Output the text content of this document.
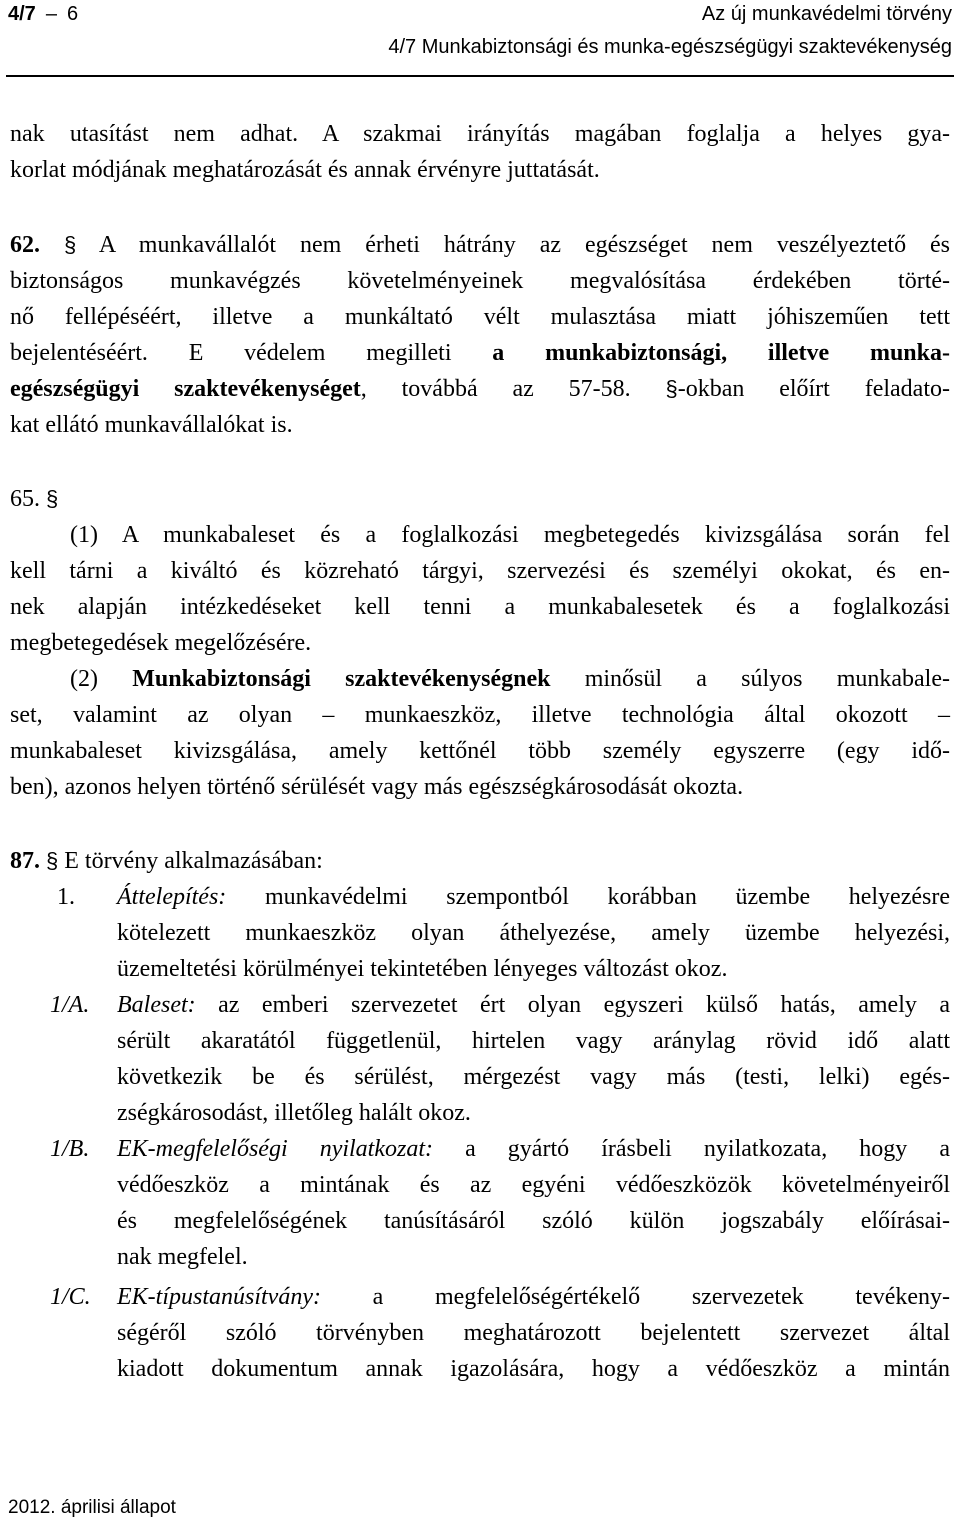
4/7 – 6	Az új munkavédelmi törvény
4/7 Munkabiztonsági és munka-egészségügyi szaktevékenység
nak utasítást nem adhat. A szakmai irányítás magában foglalja a helyes gya-
korlat módjának meghatározását és annak érvényre juttatását.
62. § A munkavállalót nem érheti hátrány az egészséget nem veszélyeztető és
biztonságos munkavégzés követelményeinek megvalósítása érdekében törté-
nő fellépéséért, illetve a munkáltató vélt mulasztása miatt jóhiszeműen tett
bejelentéséért. E védelem megilleti a munkabiztonsági, illetve munka-
egészségügyi szaktevékenységet, továbbá az 57-58. §-okban előírt feladato-
kat ellátó munkavállalókat is.
65. §
(1) A munkabaleset és a foglalkozási megbetegedés kivizsgálása során fel
kell tárni a kiváltó és közreható tárgyi, szervezési és személyi okokat, és en-
nek alapján intézkedéseket kell tenni a munkabalesetek és a foglalkozási
megbetegedések megelőzésére.
(2) Munkabiztonsági szaktevékenységnek minősül a súlyos munkabale-
set, valamint az olyan – munkaeszköz, illetve technológia által okozott –
munkabaleset kivizsgálása, amely kettőnél több személy egyszerre (egy idő-
ben), azonos helyen történő sérülését vagy más egészségkárosodását okozta.
87. § E törvény alkalmazásában:
1. Áttelepítés: munkavédelmi szempontból korábban üzembe helyezésre
kötelezett munkaeszköz olyan áthelyezése, amely üzembe helyezési,
üzemeltetési körülményei tekintetében lényeges változást okoz.
1/A. Baleset: az emberi szervezetet ért olyan egyszeri külső hatás, amely a
sérült akaratától függetlenül, hirtelen vagy aránylag rövid idő alatt
következik be és sérülést, mérgezést vagy más (testi, lelki) egés-
zségkárosodást, illetőleg halált okoz.
1/B. EK-megfelelőségi nyilatkozat: a gyártó írásbeli nyilatkozata, hogy a
védőeszköz a mintának és az egyéni védőeszközök követelményeiről
és megfelelőségének tanúsításáról szóló külön jogszabály előírásai-
nak megfelel.
1/C. EK-típustanúsítvány: a megfelelőségértékelő szervezetek tevékeny-
ségéről szóló törvényben meghatározott bejelentett szervezet által
kiadott dokumentum annak igazolására, hogy a védőeszköz a mintán
2012. áprilisi állapot
